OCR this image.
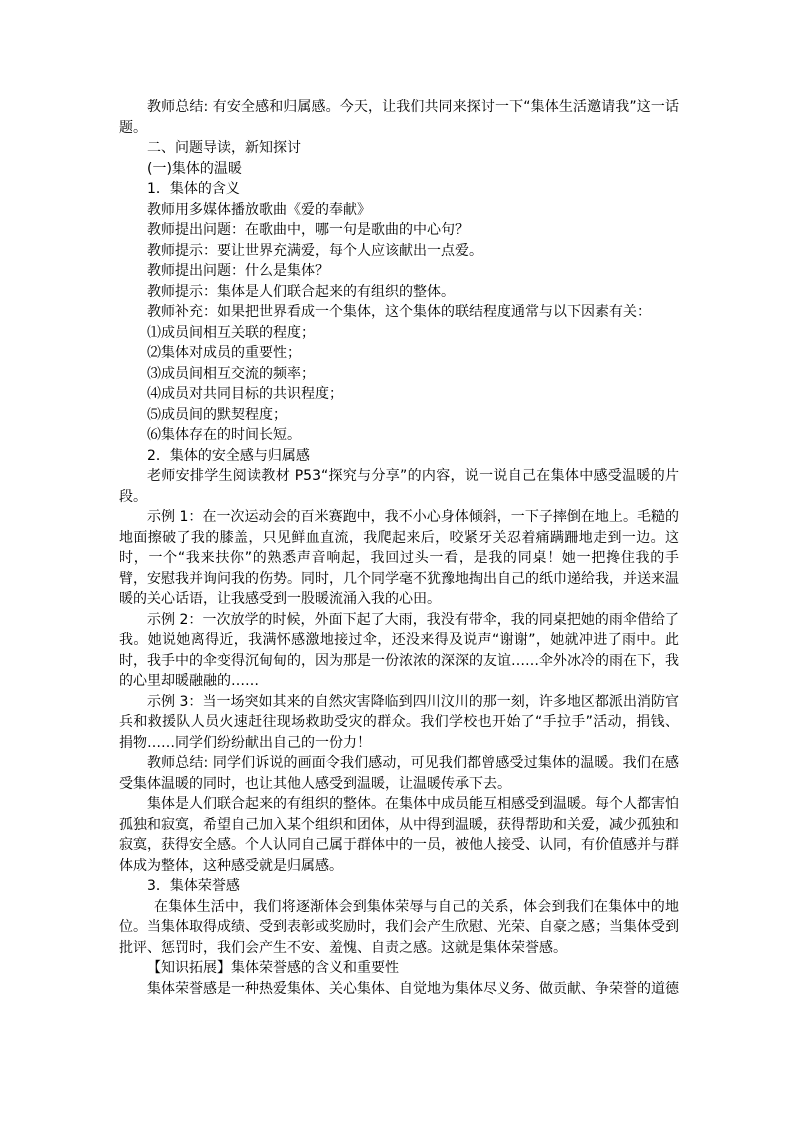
教师总结: 有安全感和归属感。今天，让我们共同来探讨一下“集体生活邀请我”这一话题。

二、问题导读，新知探讨

(一)集体的温暖

1．集体的含义

教师用多媒体播放歌曲《爱的奉献》

教师提出问题：在歌曲中，哪一句是歌曲的中心句？

教师提示：要让世界充满爱，每个人应该献出一点爱。

教师提出问题：什么是集体？

教师提示：集体是人们联合起来的有组织的整体。

教师补充：如果把世界看成一个集体，这个集体的联结程度通常与以下因素有关：

⑴成员间相互关联的程度；

⑵集体对成员的重要性；

⑶成员间相互交流的频率；

⑷成员对共同目标的共识程度；

⑸成员间的默契程度；

⑹集体存在的时间长短。

2．集体的安全感与归属感

老师安排学生阅读教材 P53“探究与分享”的内容，说一说自己在集体中感受温暖的片段。

示例 1：在一次运动会的百米赛跑中，我不小心身体倾斜，一下子摔倒在地上。毛糙的地面擦破了我的膝盖，只见鲜血直流，我爬起来后，咬紧牙关忍着痛蹒跚地走到一边。这时，一个“我来扶你”的熟悉声音响起，我回过头一看，是我的同桌！她一把搀住我的手臂，安慰我并询问我的伤势。同时，几个同学毫不犹豫地掏出自己的纸巾递给我，并送来温暖的关心话语，让我感受到一股暖流涌入我的心田。

示例 2：一次放学的时候，外面下起了大雨，我没有带伞，我的同桌把她的雨伞借给了我。她说她离得近，我满怀感激地接过伞，还没来得及说声“谢谢”，她就冲进了雨中。此时，我手中的伞变得沉甸甸的，因为那是一份浓浓的深深的友谊……伞外冰冷的雨在下，我的心里却暖融融的……

示例 3：当一场突如其来的自然灾害降临到四川汶川的那一刻，许多地区都派出消防官兵和救援队人员火速赶往现场救助受灾的群众。我们学校也开始了“手拉手”活动，捐钱、捐物……同学们纷纷献出自己的一份力！

教师总结: 同学们诉说的画面令我们感动，可见我们都曾感受过集体的温暖。我们在感受集体温暖的同时，也让其他人感受到温暖，让温暖传承下去。

集体是人们联合起来的有组织的整体。在集体中成员能互相感受到温暖。每个人都害怕孤独和寂寞，希望自己加入某个组织和团体，从中得到温暖，获得帮助和关爱，减少孤独和寂寞，获得安全感。个人认同自己属于群体中的一员，被他人接受、认同，有价值感并与群体成为整体，这种感受就是归属感。

3．集体荣誉感

在集体生活中，我们将逐渐体会到集体荣辱与自己的关系，体会到我们在集体中的地位。当集体取得成绩、受到表彰或奖励时，我们会产生欣慰、光荣、自豪之感；当集体受到批评、惩罚时，我们会产生不安、羞愧、自责之感。这就是集体荣誉感。

【知识拓展】集体荣誉感的含义和重要性

集体荣誉感是一种热爱集体、关心集体、自觉地为集体尽义务、做贡献、争荣誉的道德
